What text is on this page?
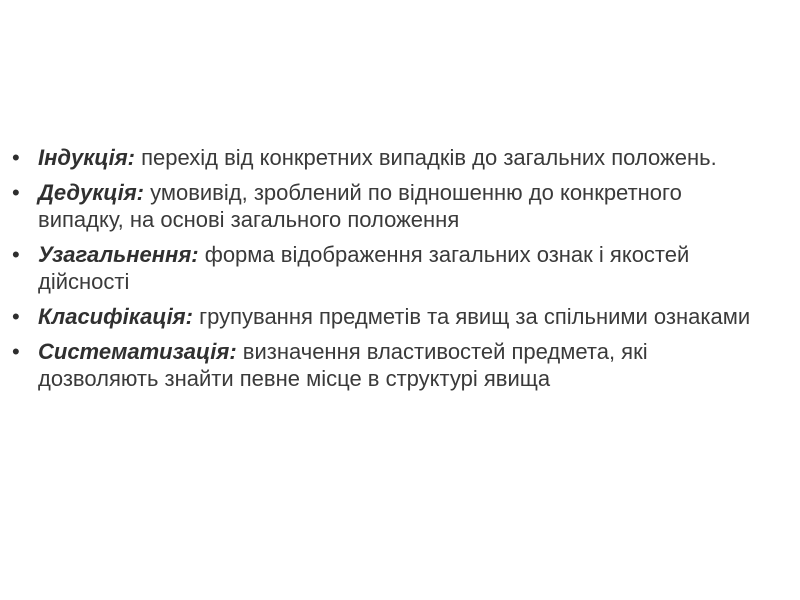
• Індукція: перехід від конкретних випадків до загальних положень.
• Дедукція: умовивід, зроблений по відношенню до конкретного випадку, на основі загального положення
• Узагальнення: форма відображення загальних ознак і якостей дійсності
• Класифікація: групування предметів та явищ за спільними ознаками
• Систематизація: визначення властивостей предмета, які дозволяють знайти певне місце в структурі явища
